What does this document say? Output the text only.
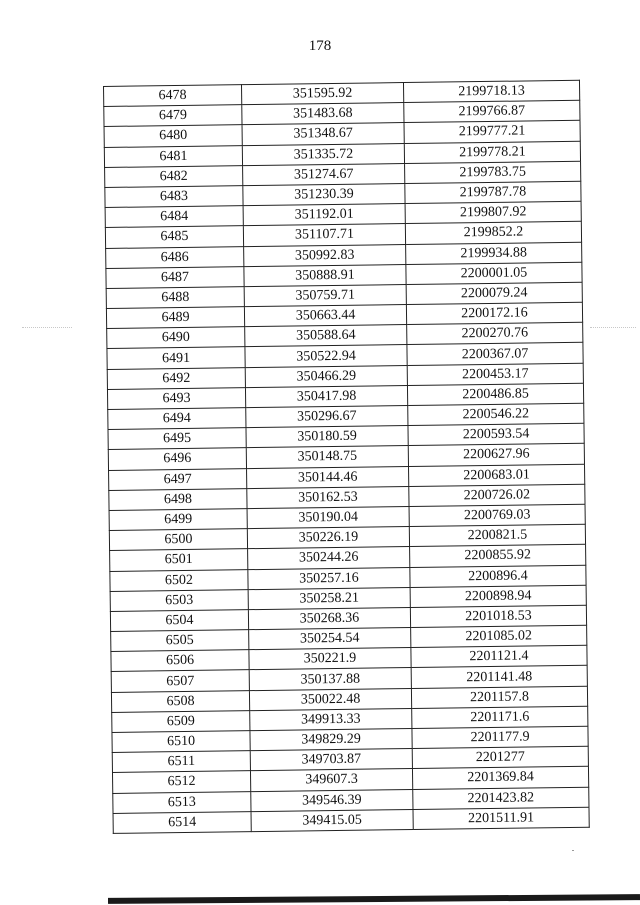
178
6478	351595.92	2199718.13
6479	351483.68	2199766.87
6480	351348.67	2199777.21
6481	351335.72	2199778.21
6482	351274.67	2199783.75
6483	351230.39	2199787.78
6484	351192.01	2199807.92
6485	351107.71	2199852.2
6486	350992.83	2199934.88
6487	350888.91	2200001.05
6488	350759.71	2200079.24
6489	350663.44	2200172.16
6490	350588.64	2200270.76
6491	350522.94	2200367.07
6492	350466.29	2200453.17
6493	350417.98	2200486.85
6494	350296.67	2200546.22
6495	350180.59	2200593.54
6496	350148.75	2200627.96
6497	350144.46	2200683.01
6498	350162.53	2200726.02
6499	350190.04	2200769.03
6500	350226.19	2200821.5
6501	350244.26	2200855.92
6502	350257.16	2200896.4
6503	350258.21	2200898.94
6504	350268.36	2201018.53
6505	350254.54	2201085.02
6506	350221.9	2201121.4
6507	350137.88	2201141.48
6508	350022.48	2201157.8
6509	349913.33	2201171.6
6510	349829.29	2201177.9
6511	349703.87	2201277
6512	349607.3	2201369.84
6513	349546.39	2201423.82
6514	349415.05	2201511.91
